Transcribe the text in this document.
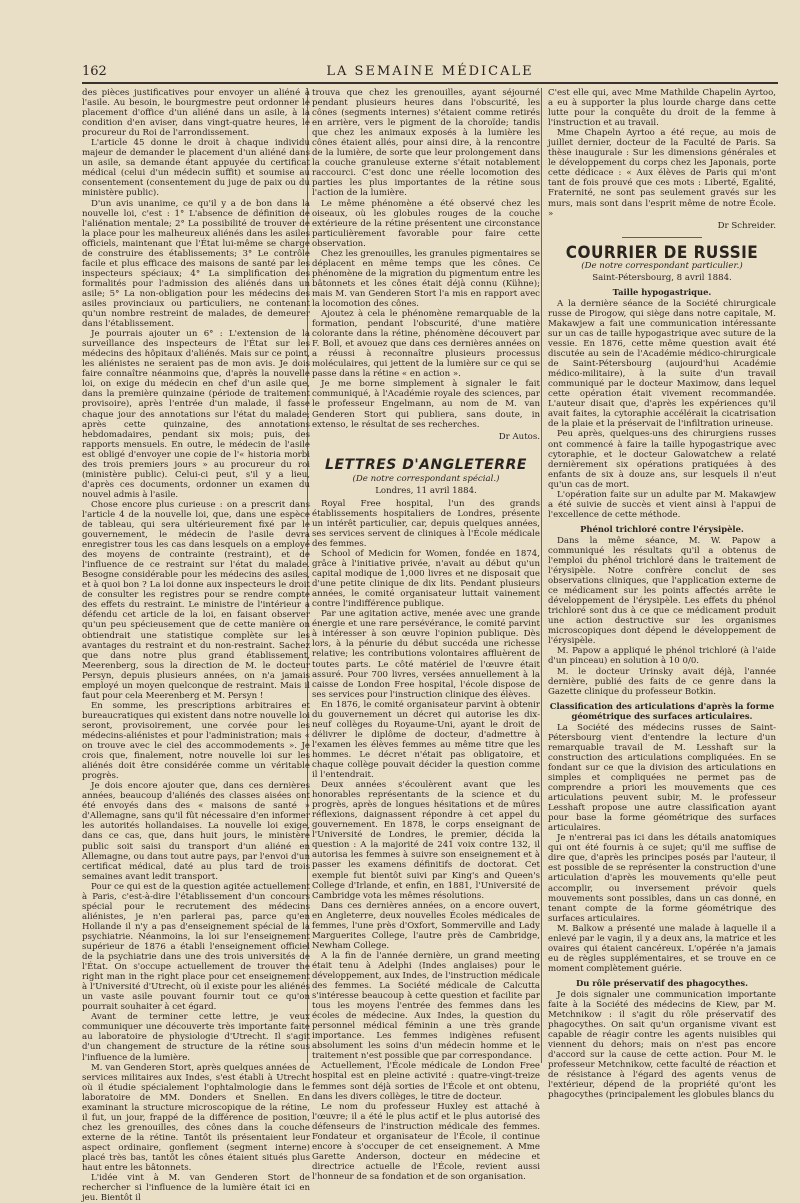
162	LA SEMAINE MÉDICALE

des pièces justificatives pour envoyer un aliéné à l'asile. Au besoin, le bourgmestre peut ordonner le placement d'office d'un aliéné dans un asile, à la condition d'en aviser, dans vingt-quatre heures, le procureur du Roi de l'arrondissement.

L'article 45 donne le droit à chaque individu majeur de demander le placement d'un aliéné dans un asile, sa demande étant appuyée du certificat médical (celui d'un médecin suffit) et soumise au consentement (consentement du juge de paix ou du ministère public).

D'un avis unanime, ce qu'il y a de bon dans la nouvelle loi, c'est : 1° L'absence de définition de l'aliénation mentale; 2° La possibilité de trouver de la place pour les malheureux aliénés dans les asiles officiels, maintenant que l'État lui-même se charge de construire des établissements; 3° Le contrôle facile et plus efficace des maisons de santé par les inspecteurs spéciaux; 4° La simplification des formalités pour l'admission des aliénés dans un asile; 5° La non-obligation pour les médecins des asiles provinciaux ou particuliers, ne contenant qu'un nombre restreint de malades, de demeurer dans l'établissement.

Je pourrais ajouter un 6° : L'extension de la surveillance des inspecteurs de l'État sur les médecins des hôpitaux d'aliénés. Mais sur ce point, les aliénistes ne seraient pas de mon avis. Je dois faire connaître néanmoins que, d'après la nouvelle loi, on exige du médecin en chef d'un asile que, dans la première quinzaine (période de traitement provisoire), après l'entrée d'un malade, il fasse chaque jour des annotations sur l'état du malade; après cette quinzaine, des annotations hebdomadaires, pendant six mois; puis, des rapports mensuels. En outre, le médecin de l'asile est obligé d'envoyer une copie de l'« historia morbi des trois premiers jours » au procureur du roi (ministère public). Celui-ci peut, s'il y a lieu, d'après ces documents, ordonner un examen du nouvel admis à l'asile.

Chose encore plus curieuse : on a prescrit dans l'article 4 de la nouvelle loi, que, dans une espèce de tableau, qui sera ultérieurement fixé par le gouvernement, le médecin de l'asile devra enregistrer tous les cas dans lesquels on a employé des moyens de contrainte (restraint), et de l'influence de ce restraint sur l'état du malade. Besogne considérable pour les médecins des asiles, et à quoi bon ? La loi donne aux inspecteurs le droit de consulter les registres pour se rendre compte des effets du restraint. Le ministre de l'intérieur a défendu cet article de la loi, en faisant observer qu'un peu spécieusement que de cette manière on obtiendrait une statistique complète sur les avantages du restraint et du non-restraint. Sachez que dans notre plus grand établissement, Meerenberg, sous la direction de M. le docteur Persyn, depuis plusieurs années, on n'a jamais employé un moyen quelconque de restraint. Mais il faut pour cela Meerenberg et M. Persyn !

En somme, les prescriptions arbitraires et bureaucratiques qui existent dans notre nouvelle loi seront, provisoirement, une corvée pour les médecins-aliénistes et pour l'administration; mais « on trouve avec le ciel des accommodements ». Je crois que, finalement, notre nouvelle loi sur les aliénés doit être considérée comme un véritable progrès.

Je dois encore ajouter que, dans ces dernières années, beaucoup d'aliénés des classes aisées ont été envoyés dans des « maisons de santé » d'Allemagne, sans qu'il fût nécessaire d'en informer les autorités hollandaises. La nouvelle loi exige, dans ce cas, que, dans huit jours, le ministère public soit saisi du transport d'un aliéné en Allemagne, ou dans tout autre pays, par l'envoi d'un certificat médical, daté au plus tard de trois semaines avant ledit transport.

Pour ce qui est de la question agitée actuellement à Paris, c'est-à-dire l'établissement d'un concours spécial pour le recrutement des médecins aliénistes, je n'en parlerai pas, parce qu'en Hollande il n'y a pas d'enseignement spécial de la psychiatrie. Néanmoins, la loi sur l'enseignement supérieur de 1876 a établi l'enseignement officiel de la psychiatrie dans une des trois universités de l'État. On s'occupe actuellement de trouver the right man in the right place pour cet enseignement à l'Université d'Utrecht, où il existe pour les aliénés un vaste asile pouvant fournir tout ce qu'on pourrait souhaiter à cet égard.

Avant de terminer cette lettre, je veux communiquer une découverte très importante faite au laboratoire de physiologie d'Utrecht. Il s'agit d'un changement de structure de la rétine sous l'influence de la lumière.

M. van Genderen Stort, après quelques années de services militaires aux Indes, s'est établi à Utrecht où il étudie spécialement l'ophtalmologie dans le laboratoire de MM. Donders et Snellen. En examinant la structure microscopique de la rétine, il fut, un jour, frappé de la différence de position, chez les grenouilles, des cônes dans la couche externe de la rétine. Tantôt ils présentaient leur aspect ordinaire, gonflement (segment interne) placé très bas, tantôt les cônes étaient situés plus haut entre les bâtonnets.

L'idée vint à M. van Genderen Stort de rechercher si l'influence de la lumière était ici en jeu. Bientôt il

trouva que chez les grenouilles, ayant séjourné pendant plusieurs heures dans l'obscurité, les cônes (segments internes) s'étaient comme retirés en arrière, vers le pigment de la choroïde; tandis que chez les animaux exposés à la lumière les cônes étaient allés, pour ainsi dire, à la rencontre de la lumière, de sorte que leur prolongement dans la couche granuleuse externe s'était notablement raccourci. C'est donc une réelle locomotion des parties les plus importantes de la rétine sous l'action de la lumière.

Le même phénomène a été observé chez les oiseaux, où les globules rouges de la couche extérieure de la rétine présentent une circonstance particulièrement favorable pour faire cette observation.

Chez les grenouilles, les granules pigmentaires se déplacent en même temps que les cônes. Ce phénomène de la migration du pigmentum entre les bâtonnets et les cônes était déjà connu (Kühne); mais M. van Genderen Stort l'a mis en rapport avec la locomotion des cônes.

Ajoutez à cela le phénomène remarquable de la formation, pendant l'obscurité, d'une matière colorante dans la rétine, phénomène découvert par F. Boll, et avouez que dans ces dernières années on a réussi à reconnaître plusieurs processus moléculaires, qui jettent de la lumière sur ce qui se passe dans la rétine « en action ».

Je me borne simplement à signaler le fait communiqué, à l'Académie royale des sciences, par le professeur Engelmann, au nom de M. van Genderen Stort qui publiera, sans doute, in extenso, le résultat de ses recherches.

Dr Autos.
LETTRES D'ANGLETERRE
(De notre correspondant spécial.)
Londres, 11 avril 1884.

Royal Free hospital, l'un des grands établissements hospitaliers de Londres, présente un intérêt particulier, car, depuis quelques années, ses services servent de cliniques à l'École médicale des femmes.

School of Medicin for Women, fondée en 1874, grâce à l'initiative privée, n'avait au début qu'un capital modique de 1,000 livres et ne disposait que d'une petite clinique de dix lits. Pendant plusieurs années, le comité organisateur luttait vainement contre l'indifférence publique.

Par une agitation active, menée avec une grande énergie et une rare persévérance, le comité parvint à intéresser à son œuvre l'opinion publique. Dès lors, à la pénurie du début succéda une richesse relative; les contributions volontaires affluèrent de toutes parts. Le côté matériel de l'œuvre était assuré. Pour 700 livres, versées annuellement à la caisse de London Free hospital, l'école dispose de ses services pour l'instruction clinique des élèves.

En 1876, le comité organisateur parvint à obtenir du gouvernement un décret qui autorise les dix-neuf collèges du Royaume-Uni, ayant le droit de délivrer le diplôme de docteur, d'admettre à l'examen les élèves femmes au même titre que les hommes. Le décret n'était pas obligatoire, et chaque collège pouvait décider la question comme il l'entendrait.

Deux années s'écoulèrent avant que les honorables représentants de la science et du progrès, après de longues hésitations et de mûres réflexions, daignassent répondre à cet appel du gouvernement. En 1878, le corps enseignant de l'Université de Londres, le premier, décida la question : A la majorité de 241 voix contre 132, il autorisa les femmes à suivre son enseignement et à passer les examens définitifs de doctorat. Cet exemple fut bientôt suivi par King's and Queen's College d'Irlande, et enfin, en 1881, l'Université de Cambridge vota les mêmes résolutions.

Dans ces dernières années, on a encore ouvert, en Angleterre, deux nouvelles Écoles médicales de femmes, l'une près d'Oxfort, Sommerville and Lady Marguerites College, l'autre près de Cambridge, Newham College.

A la fin de l'année dernière, un grand meeting était tenu à Adelphi (Indes anglaises) pour le développement, aux Indes, de l'instruction médicale des femmes. La Société médicale de Calcutta s'intéresse beaucoup à cette question et facilite par tous les moyens l'entrée des femmes dans les écoles de médecine. Aux Indes, la question du personnel médical féminin a une très grande importance. Les femmes indigènes refusent absolument les soins d'un médecin homme et le traitement n'est possible que par correspondance.

Actuellement, l'École médicale de London Free hospital est en pleine activité : quatre-vingt-treize femmes sont déjà sorties de l'École et ont obtenu, dans les divers collèges, le titre de docteur.

Le nom du professeur Huxley est attaché à l'œuvre; il a été le plus actif et le plus autorisé des défenseurs de l'instruction médicale des femmes. Fondateur et organisateur de l'École, il continue encore à s'occuper de cet enseignement. A Mme Garette Anderson, docteur en médecine et directrice actuelle de l'École, revient aussi l'honneur de sa fondation et de son organisation.

C'est elle qui, avec Mme Mathilde Chapelin Ayrtoo, a eu à supporter la plus lourde charge dans cette lutte pour la conquête du droit de la femme à l'instruction et au travail.

Mme Chapeln Ayrtoo a été reçue, au mois de juillet dernier, docteur de la Faculté de Paris. Sa thèse inaugurale : Sur les dimensions générales et le développement du corps chez les Japonais, porte cette dédicace : « Aux élèves de Paris qui m'ont tant de fois prouvé que ces mots : Liberté, Egalité, Fraternité, ne sont pas seulement gravés sur les murs, mais sont dans l'esprit même de notre École. »

Dr Schreider.
COURRIER DE RUSSIE
(De notre correspondant particulier.)
Saint-Pétersbourg, 8 avril 1884.
Taille hypogastrique.

A la dernière séance de la Société chirurgicale russe de Pirogow, qui siège dans notre capitale, M. Makawjew a fait une communication intéressante sur un cas de taille hypogastrique avec suture de la vessie. En 1876, cette même question avait été discutée au sein de l'Académie médico-chirurgicale de Saint-Pétersbourg (aujourd'hui Académie médico-militaire), à la suite d'un travail communiqué par le docteur Maximow, dans lequel cette opération était vivement recommandée. L'auteur disait que, d'après les expériences qu'il avait faites, la cytoraphie accélérait la cicatrisation de la plaie et la préservait de l'infiltration urineuse.

Peu après, quelques-uns des chirurgiens russes ont commencé à faire la taille hypogastrique avec cytoraphie, et le docteur Galowatchew a relaté dernièrement six opérations pratiquées à des enfants de six à douze ans, sur lesquels il n'eut qu'un cas de mort.

L'opération faite sur un adulte par M. Makawjew a été suivie de succès et vient ainsi à l'appui de l'excellence de cette méthode.

Phénol trichloré contre l'érysipèle.

Dans la même séance, M. W. Papow a communiqué les résultats qu'il a obtenus de l'emploi du phénol trichloré dans le traitement de l'érysipèle. Notre confrère conclut de ses observations cliniques, que l'application externe de ce médicament sur les points affectés arrête le développement de l'érysipèle. Les effets du phénol trichloré sont dus à ce que ce médicament produit une action destructive sur les organismes microscopiques dont dépend le développement de l'érysipèle.

M. Papow a appliqué le phénol trichloré (à l'aide d'un pinceau) en solution à 10 0/0.

M. le docteur Urinsky avait déjà, l'année dernière, publié des faits de ce genre dans la Gazette clinique du professeur Botkin.

Classification des articulations d'après la forme géométrique des surfaces articulaires.

La Société des médecins russes de Saint-Pétersbourg vient d'entendre la lecture d'un remarquable travail de M. Lesshaft sur la construction des articulations compliquées. En se fondant sur ce que la division des articulations en simples et compliquées ne permet pas de comprendre a priori les mouvements que ces articulations peuvent subir, M. le professeur Lesshaft propose une autre classification ayant pour base la forme géométrique des surfaces articulaires.

Je n'entrerai pas ici dans les détails anatomiques qui ont été fournis à ce sujet; qu'il me suffise de dire que, d'après les principes posés par l'auteur, il est possible de se représenter la construction d'une articulation d'après les mouvements qu'elle peut accomplir, ou inversement prévoir quels mouvements sont possibles, dans un cas donné, en tenant compte de la forme géométrique des surfaces articulaires.

M. Balkow a présenté une malade à laquelle il a enlevé par le vagin, il y a deux ans, la matrice et les ovaires qui étaient cancéreux. L'opérée n'a jamais eu de règles supplémentaires, et se trouve en ce moment complètement guérie.

Du rôle préservatif des phagocythes.

Je dois signaler une communication importante faite à la Société des médecins de Kiew, par M. Metchnikow : il s'agit du rôle préservatif des phagocythes. On sait qu'un organisme vivant est capable de réagir contre les agents nuisibles qui viennent du dehors; mais on n'est pas encore d'accord sur la cause de cette action. Pour M. le professeur Metchnikow, cette faculté de réaction et de résistance à l'égard des agents venus de l'extérieur, dépend de la propriété qu'ont les phagocythes (principalement les globules blancs du
